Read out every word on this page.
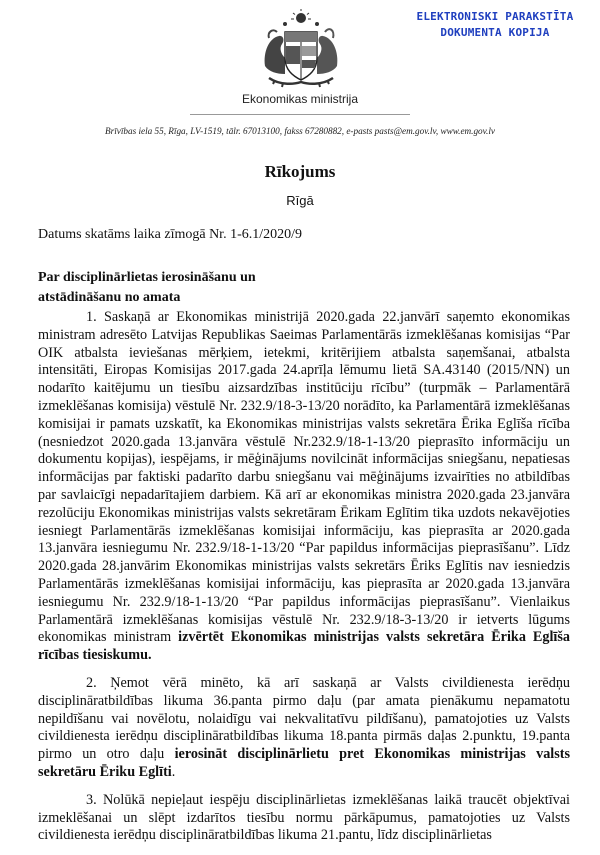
ELEKTRONISKI PARAKSTĪTA
DOKUMENTA KOPIJA
Ekonomikas ministrija
Brīvības iela 55, Rīga, LV-1519, tālr. 67013100, fakss 67280882, e-pasts pasts@em.gov.lv, www.em.gov.lv
Rīkojums
Rīgā
Datums skatāms laika zīmogā Nr. 1-6.1/2020/9
Par disciplinārlietas ierosināšanu un
atstādināšanu no amata

1. Saskaņā ar Ekonomikas ministrijā 2020.gada 22.janvārī saņemto ekonomikas ministram adresēto Latvijas Republikas Saeimas Parlamentārās izmeklēšanas komisijas “Par OIK atbalsta ieviešanas mērķiem, ietekmi, kritērijiem atbalsta saņemšanai, atbalsta intensitāti, Eiropas Komisijas 2017.gada 24.aprīļa lēmumu lietā SA.43140 (2015/NN) un nodarīto kaitējumu un tiesību aizsardzības institūciju rīcību” (turpmāk – Parlamentārā izmeklēšanas komisija) vēstulē Nr. 232.9/18-3-13/20 norādīto, ka Parlamentārā izmeklēšanas komisijai ir pamats uzskatīt, ka Ekonomikas ministrijas valsts sekretāra Ērika Eglīša rīcība (nesniedzot 2020.gada 13.janvāra vēstulē Nr.232.9/18-1-13/20 pieprasīto informāciju un dokumentu kopijas), iespējams, ir mēģinājums novilcināt informācijas sniegšanu, nepatiesas informācijas par faktiski padarīto darbu sniegšanu vai mēģinājums izvairīties no atbildības par savlaicīgi nepadarītajiem darbiem. Kā arī ar ekonomikas ministra 2020.gada 23.janvāra rezolūciju Ekonomikas ministrijas valsts sekretāram Ērikam Eglītim tika uzdots nekavējoties iesniegt Parlamentārās izmeklēšanas komisijai informāciju, kas pieprasīta ar 2020.gada 13.janvāra iesniegumu Nr. 232.9/18-1-13/20 “Par papildus informācijas pieprasīšanu”. Līdz 2020.gada 28.janvārim Ekonomikas ministrijas valsts sekretārs Ēriks Eglītis nav iesniedzis Parlamentārās izmeklēšanas komisijai informāciju, kas pieprasīta ar 2020.gada 13.janvāra iesniegumu Nr. 232.9/18-1-13/20 “Par papildus informācijas pieprasīšanu”. Vienlaikus Parlamentārā izmeklēšanas komisijas vēstulē Nr. 232.9/18-3-13/20 ir ietverts lūgums ekonomikas ministram izvērtēt Ekonomikas ministrijas valsts sekretāra Ērika Eglīša rīcības tiesiskumu.

2. Ņemot vērā minēto, kā arī saskaņā ar Valsts civildienesta ierēdņu disciplināratbildības likuma 36.panta pirmo daļu (par amata pienākumu nepamatotu nepildīšanu vai novēlotu, nolaidīgu vai nekvalitatīvu pildīšanu), pamatojoties uz Valsts civildienesta ierēdņu disciplināratbildības likuma 18.panta pirmās daļas 2.punktu, 19.panta pirmo un otro daļu ierosināt disciplinārlietu pret Ekonomikas ministrijas valsts sekretāru Ēriku Eglīti.

3. Nolūkā nepieļaut iespēju disciplinārlietas izmeklēšanas laikā traucēt objektīvai izmeklēšanai un slēpt izdarītos tiesību normu pārkāpumus, pamatojoties uz Valsts civildienesta ierēdņu disciplināratbildības likuma 21.pantu, līdz disciplinārlietas
